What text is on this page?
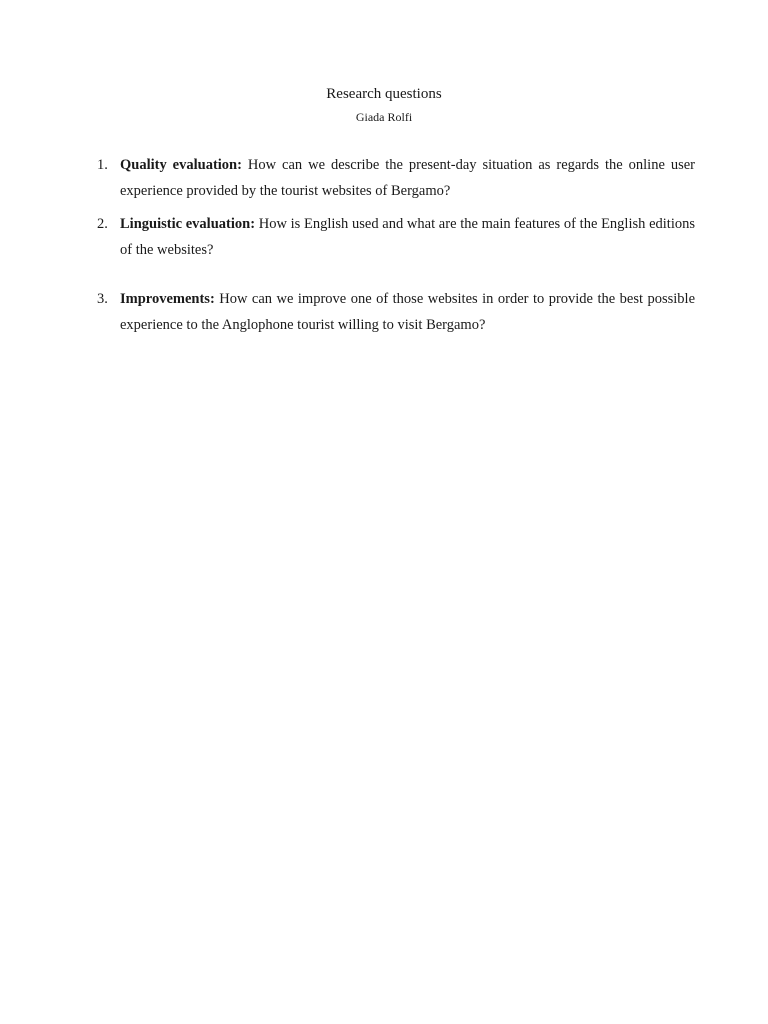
Research questions
Giada Rolfi
1. Quality evaluation: How can we describe the present-day situation as regards the online user experience provided by the tourist websites of Bergamo?
2. Linguistic evaluation: How is English used and what are the main features of the English editions of the websites?
3. Improvements: How can we improve one of those websites in order to provide the best possible experience to the Anglophone tourist willing to visit Bergamo?
